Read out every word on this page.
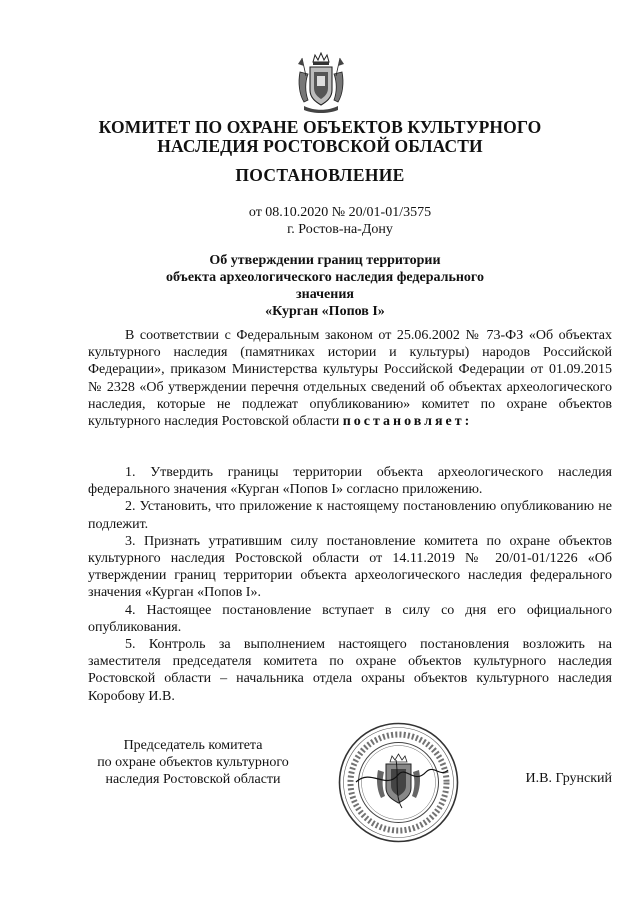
КОМИТЕТ ПО ОХРАНЕ ОБЪЕКТОВ КУЛЬТУРНОГО
НАСЛЕДИЯ РОСТОВСКОЙ ОБЛАСТИ
ПОСТАНОВЛЕНИЕ
от 08.10.2020 № 20/01-01/3575
г. Ростов-на-Дону
Об утверждении границ территории
объекта археологического наследия федерального значения
«Курган «Попов I»

В соответствии с Федеральным законом от 25.06.2002 № 73-ФЗ «Об объектах культурного наследия (памятниках истории и культуры) народов Российской Федерации», приказом Министерства культуры Российской Федерации от 01.09.2015 № 2328 «Об утверждении перечня отдельных сведений об объектах археологического наследия, которые не подлежат опубликованию» комитет по охране объектов культурного наследия Ростовской области постановляет:

1. Утвердить границы территории объекта археологического наследия федерального значения «Курган «Попов I» согласно приложению.

2. Установить, что приложение к настоящему постановлению опубликованию не подлежит.

3. Признать утратившим силу постановление комитета по охране объектов культурного наследия Ростовской области от 14.11.2019 № 20/01-01/1226 «Об утверждении границ территории объекта археологического наследия федерального значения «Курган «Попов I».

4. Настоящее постановление вступает в силу со дня его официального опубликования.

5. Контроль за выполнением настоящего постановления возложить на заместителя председателя комитета по охране объектов культурного наследия Ростовской области – начальника отдела охраны объектов культурного наследия Коробову И.В.

Председатель комитета
по охране объектов культурного
наследия Ростовской области	И.В. Грунский
